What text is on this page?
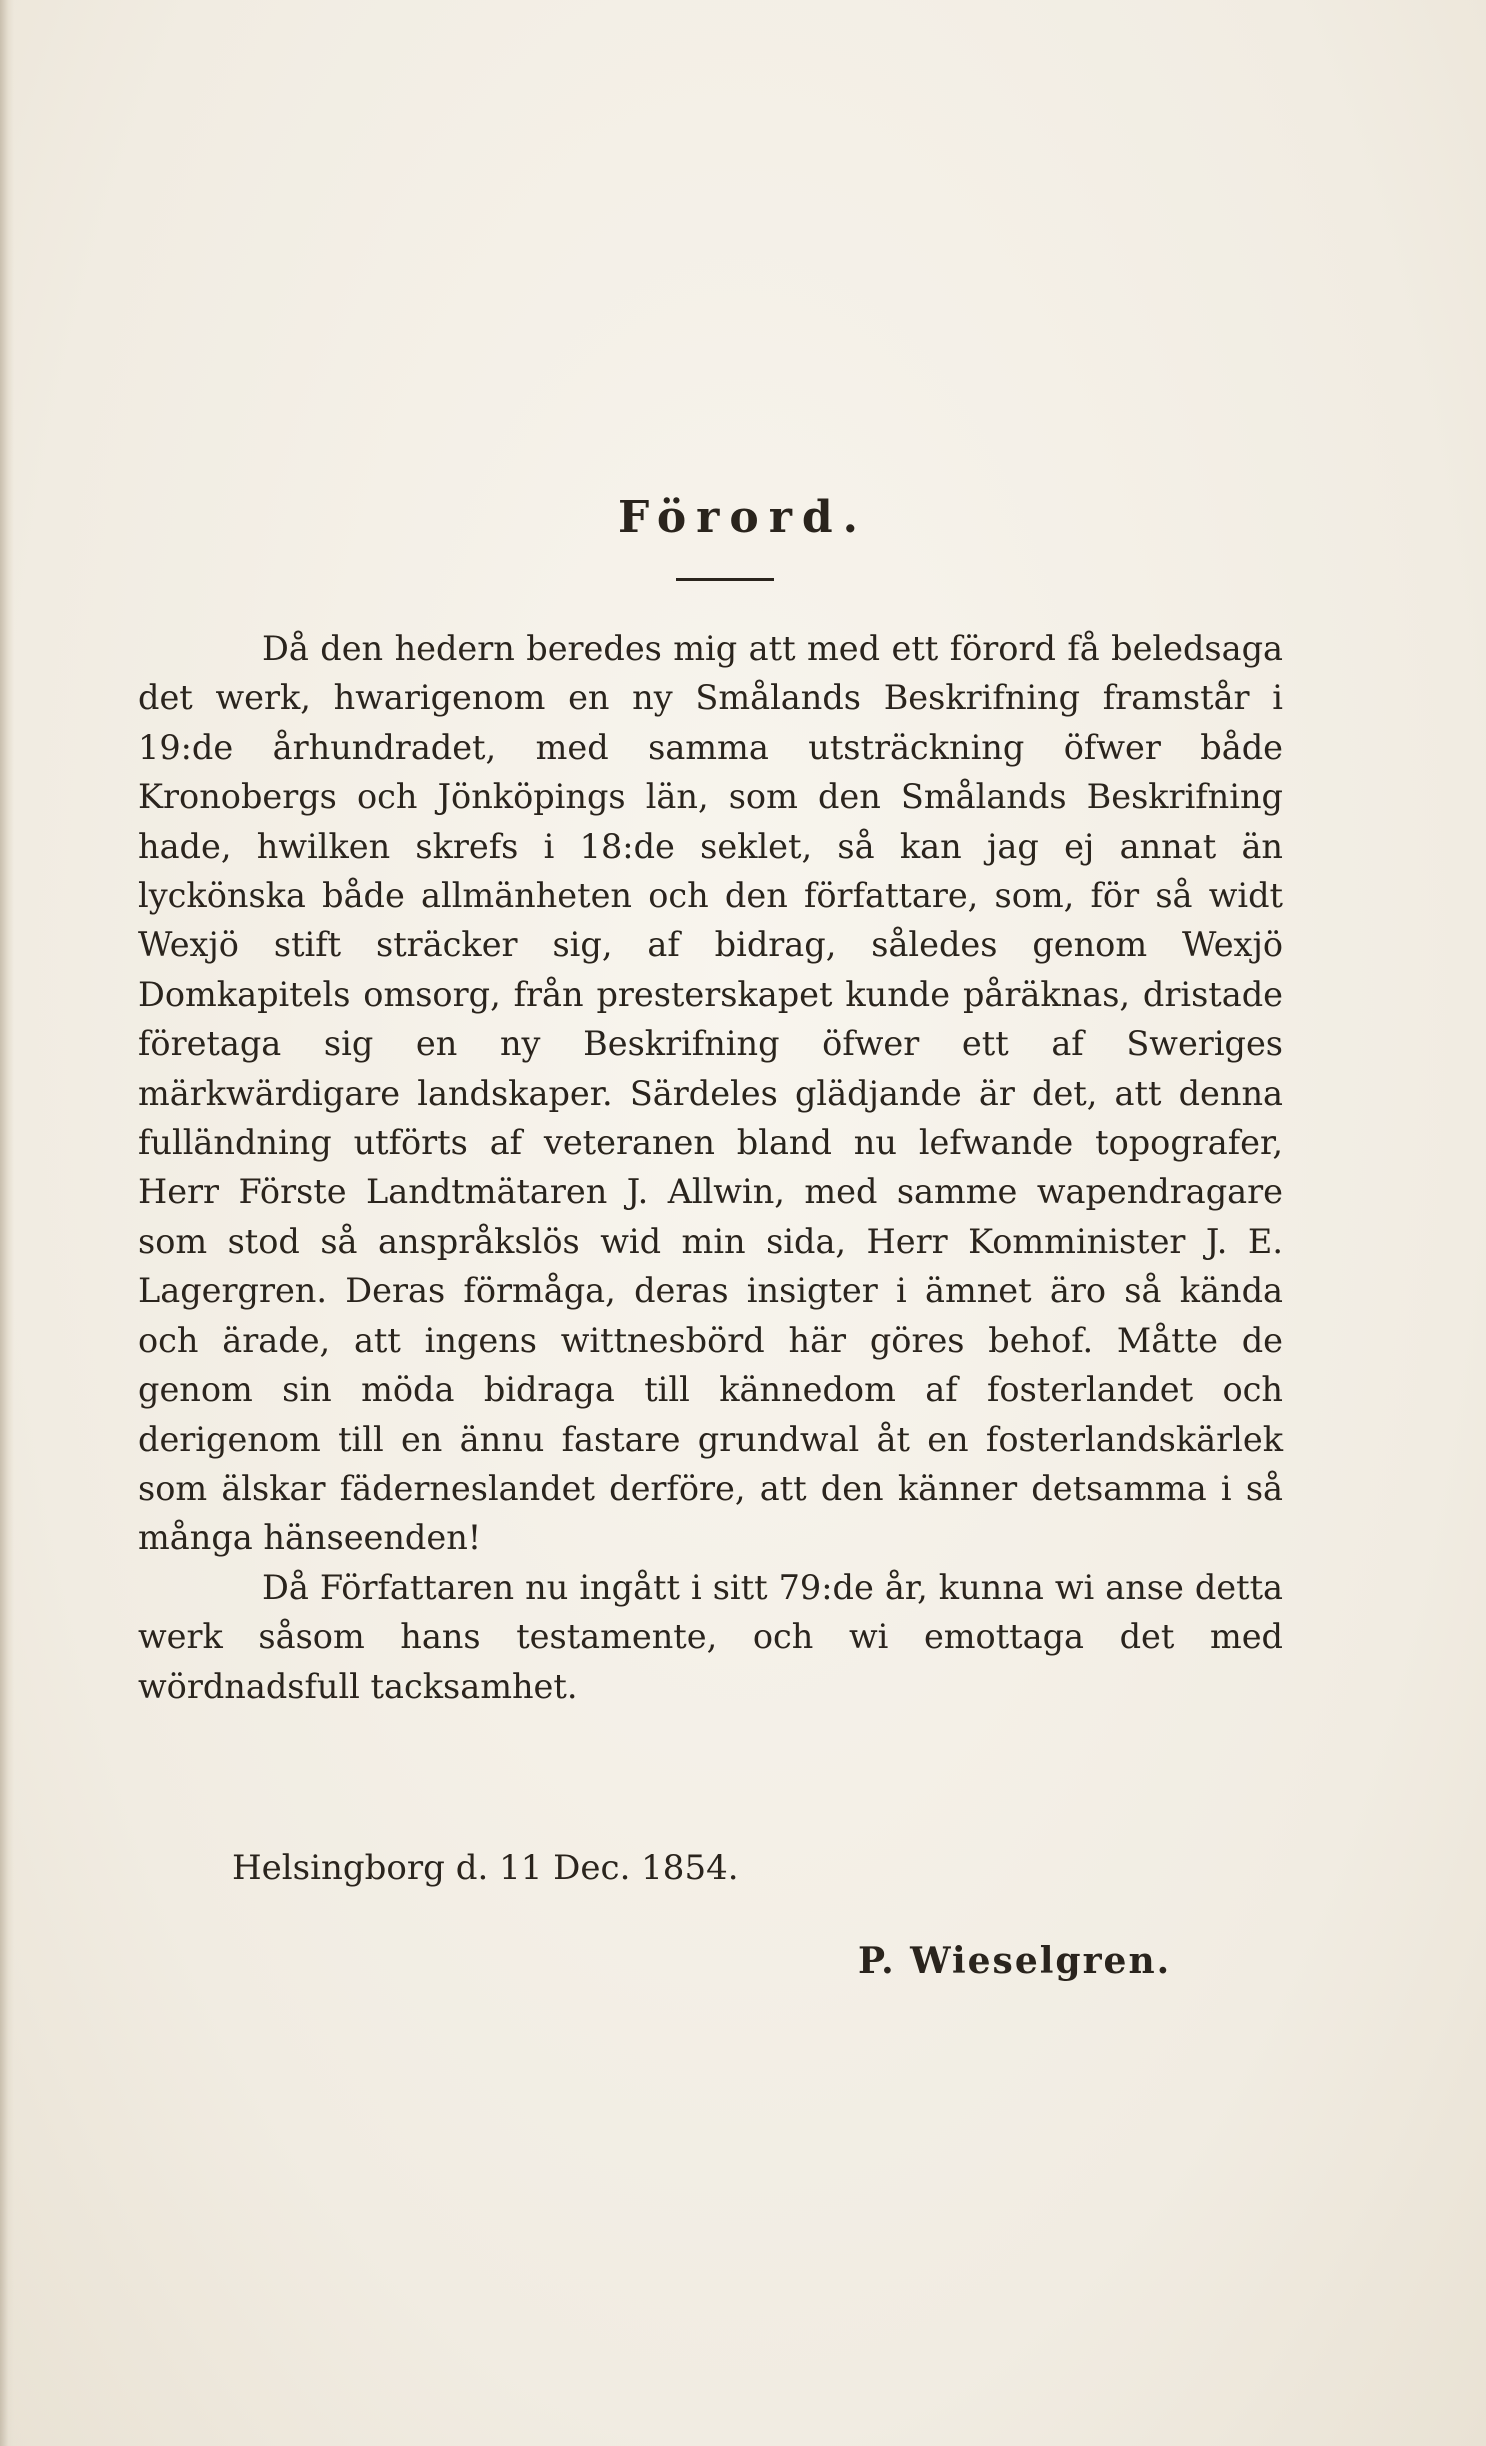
Förord.

Då den hedern beredes mig att med ett förord få beledsaga det werk, hwarigenom en ny Smålands Beskrifning framstår i 19:de århundradet, med samma utsträckning öfwer både Kronobergs och Jönköpings län, som den Smålands Beskrifning hade, hwilken skrefs i 18:de seklet, så kan jag ej annat än lyckönska både allmänheten och den författare, som, för så widt Wexjö stift sträcker sig, af bidrag, således genom Wexjö Domkapitels omsorg, från presterskapet kunde påräknas, dristade företaga sig en ny Beskrifning öfwer ett af Sweriges märkwärdigare landskaper. Särdeles glädjande är det, att denna fulländning utförts af veteranen bland nu lefwande topografer, Herr Förste Landtmätaren J. Allwin, med samme wapendragare som stod så anspråkslös wid min sida, Herr Komminister J. E. Lagergren. Deras förmåga, deras insigter i ämnet äro så kända och ärade, att ingens wittnesbörd här göres behof. Måtte de genom sin möda bidraga till kännedom af fosterlandet och derigenom till en ännu fastare grundwal åt en fosterlandskärlek som älskar fäderneslandet derföre, att den känner detsamma i så många hänseenden!

Då Författaren nu ingått i sitt 79:de år, kunna wi anse detta werk såsom hans testamente, och wi emottaga det med wördnadsfull tacksamhet.

Helsingborg d. 11 Dec. 1854.
P. Wieselgren.
